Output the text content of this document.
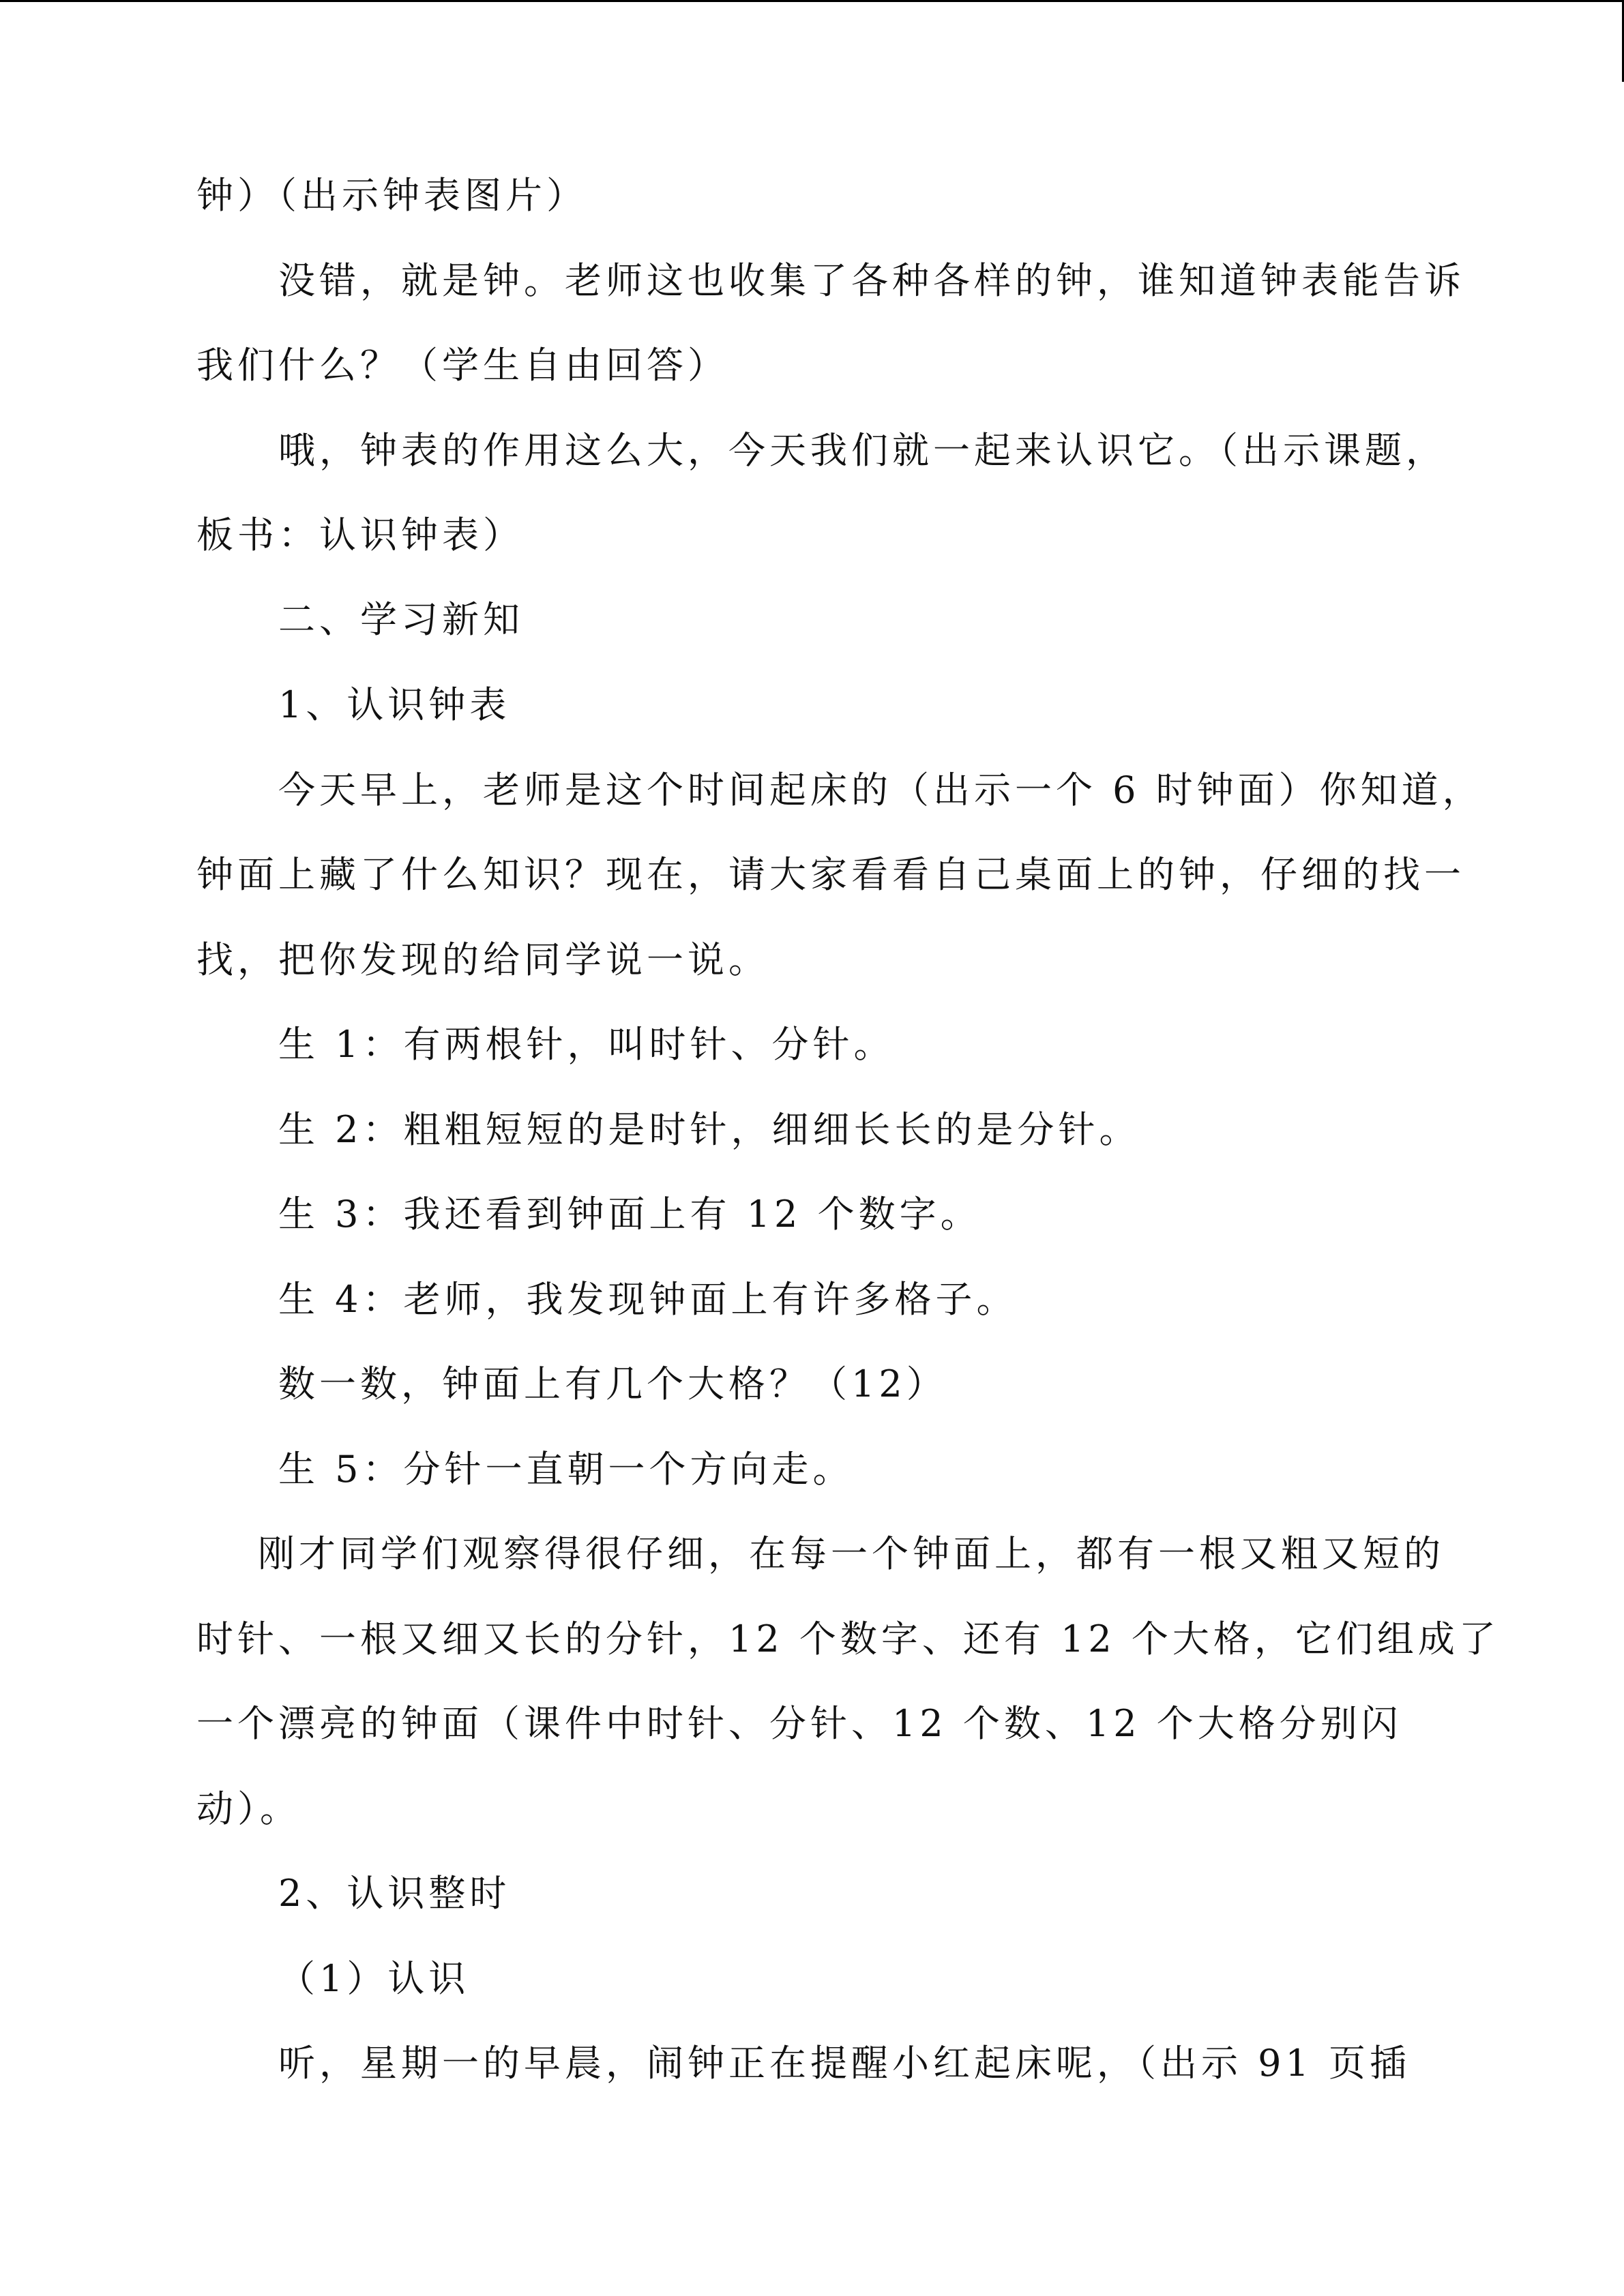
钟）（出示钟表图片）
没错，就是钟。老师这也收集了各种各样的钟，谁知道钟表能告诉
我们什么？（学生自由回答）
哦，钟表的作用这么大，今天我们就一起来认识它。（出示课题，
板书：认识钟表）
二、学习新知
1、认识钟表
今天早上，老师是这个时间起床的（出示一个 6 时钟面）你知道，
钟面上藏了什么知识？现在，请大家看看自己桌面上的钟，仔细的找一
找，把你发现的给同学说一说。
生 1：有两根针，叫时针、分针。
生 2：粗粗短短的是时针，细细长长的是分针。
生 3：我还看到钟面上有 12 个数字。
生 4：老师，我发现钟面上有许多格子。
数一数，钟面上有几个大格？（12）
生 5：分针一直朝一个方向走。
刚才同学们观察得很仔细，在每一个钟面上，都有一根又粗又短的
时针、一根又细又长的分针，12 个数字、还有 12 个大格，它们组成了
一个漂亮的钟面（课件中时针、分针、12 个数、12 个大格分别闪
动）。
2、认识整时
（1）认识
听，星期一的早晨，闹钟正在提醒小红起床呢，（出示 91 页插
